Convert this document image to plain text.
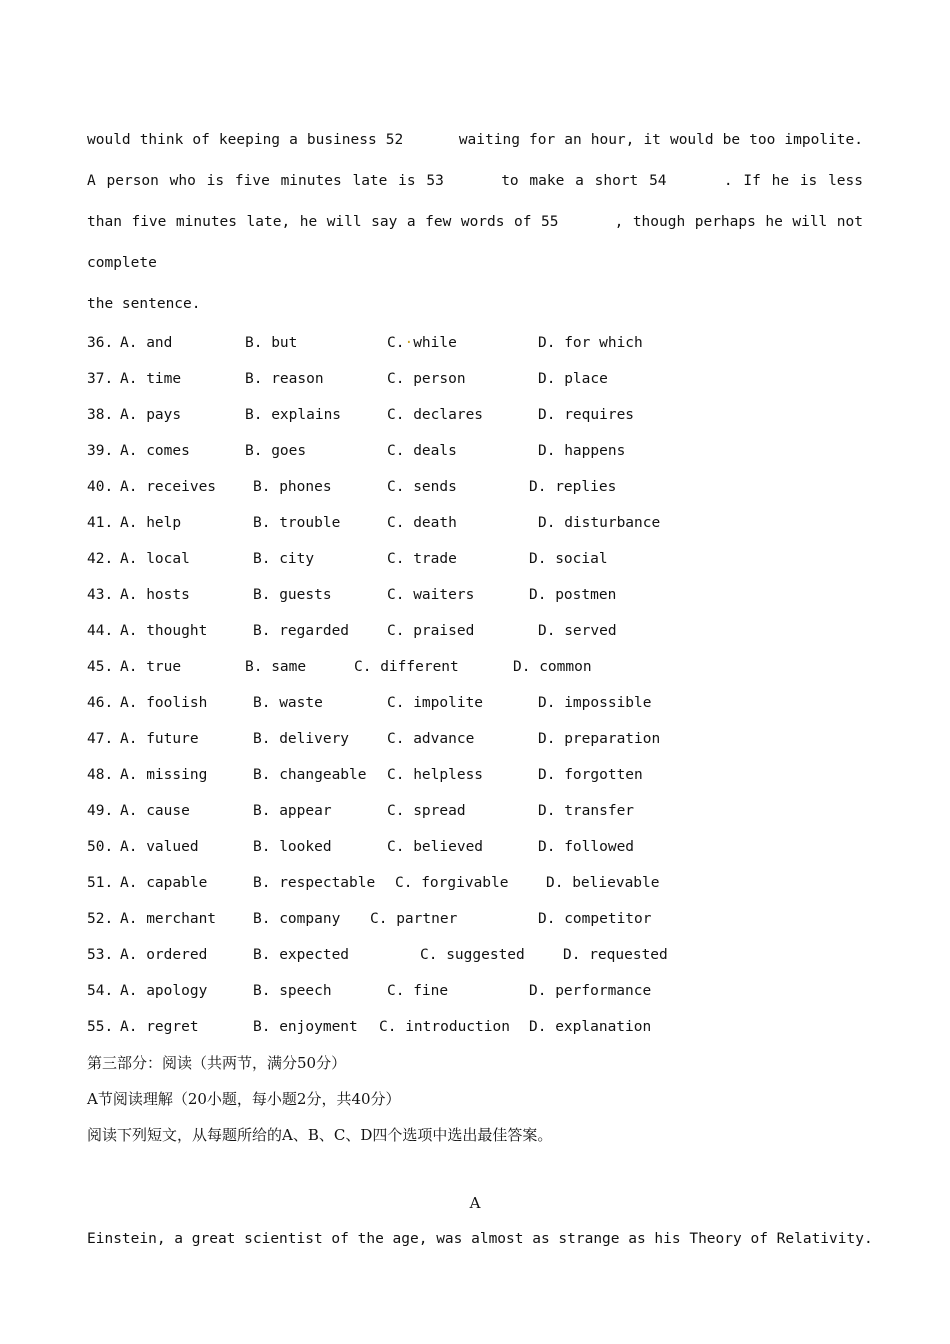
would think of keeping a business 52	waiting for an hour, it would be too impolite. A person who is five minutes late is 53	to make a short 54	. If he is less than five minutes late, he will say a few words of 55	, though perhaps he will not complete
the sentence.

36. A. and	B. but	C.·while	D. for which
37. A. time	B. reason	C. person	D. place
38. A. pays	B. explains	C. declares	D. requires
39. A. comes	B. goes	C. deals	D. happens
40. A. receives	B. phones	C. sends	D. replies
41. A. help	B. trouble	C. death	D. disturbance
42. A. local	B. city	C. trade	D. social
43. A. hosts	B. guests	C. waiters	D. postmen
44. A. thought	B. regarded	C. praised	D. served
45. A. true	B. same	C. different	D. common
46. A. foolish	B. waste	C. impolite	D. impossible
47. A. future	B. delivery	C. advance	D. preparation
48. A. missing	B. changeable C. helpless	D. forgotten
49. A. cause	B. appear	C. spread	D. transfer
50. A. valued	B. looked	C. believed	D. followed
51. A. capable	B. respectable C. forgivable	D. believable
52. A. merchant	B. company C. partner	D. competitor
53. A. ordered	B. expected	C. suggested	D. requested
54. A. apology	B. speech	C. fine	D. performance
55. A. regret	B. enjoyment C. introduction D. explanation
第三部分：阅读（共两节，满分50分）
A节阅读理解（20小题，每小题2分，共40分）
阅读下列短文，从每题所给的A、B、C、D四个选项中选出最佳答案。
A
Einstein, a great scientist of the age, was almost as strange as his Theory of Relativity.
